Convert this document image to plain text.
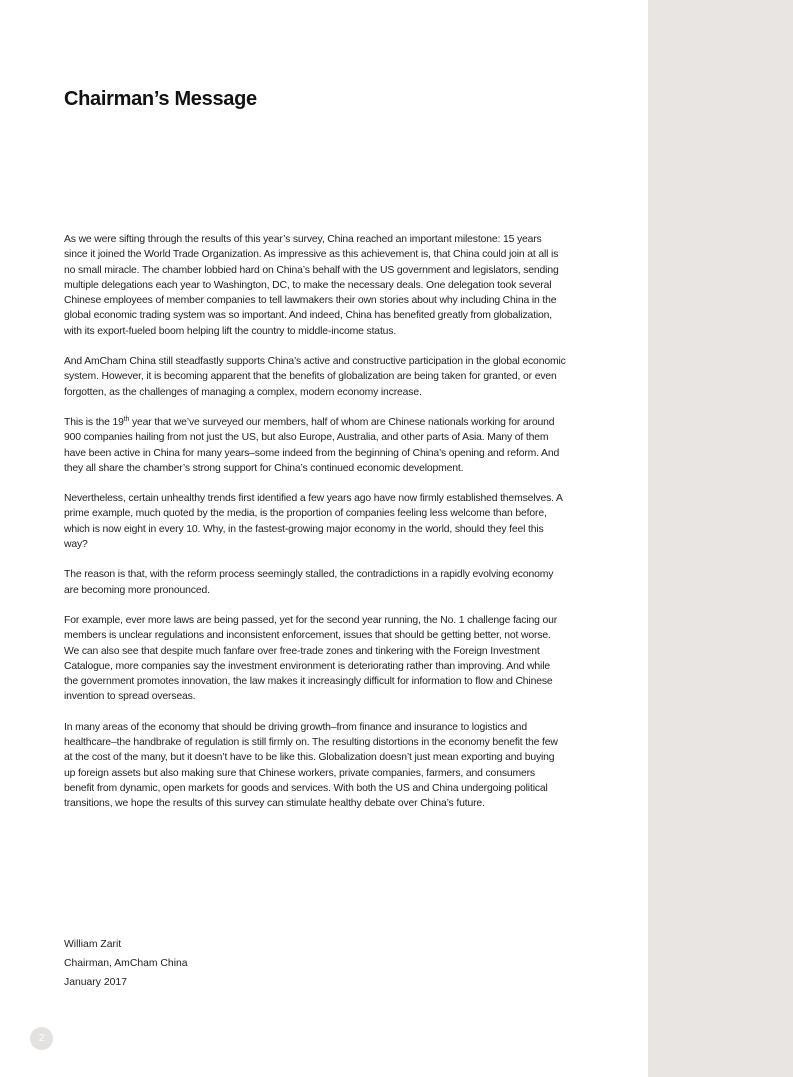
Chairman’s Message

As we were sifting through the results of this year’s survey, China reached an important milestone: 15 years since it joined the World Trade Organization. As impressive as this achievement is, that China could join at all is no small miracle. The chamber lobbied hard on China’s behalf with the US government and legislators, sending multiple delegations each year to Washington, DC, to make the necessary deals. One delegation took several Chinese employees of member companies to tell lawmakers their own stories about why including China in the global economic trading system was so important. And indeed, China has benefited greatly from globalization, with its export-fueled boom helping lift the country to middle-income status.

And AmCham China still steadfastly supports China’s active and constructive participation in the global economic system. However, it is becoming apparent that the benefits of globalization are being taken for granted, or even forgotten, as the challenges of managing a complex, modern economy increase.

This is the 19th year that we’ve surveyed our members, half of whom are Chinese nationals working for around 900 companies hailing from not just the US, but also Europe, Australia, and other parts of Asia. Many of them have been active in China for many years–some indeed from the beginning of China’s opening and reform. And they all share the chamber’s strong support for China’s continued economic development.

Nevertheless, certain unhealthy trends first identified a few years ago have now firmly established themselves. A prime example, much quoted by the media, is the proportion of companies feeling less welcome than before, which is now eight in every 10. Why, in the fastest-growing major economy in the world, should they feel this way?

The reason is that, with the reform process seemingly stalled, the contradictions in a rapidly evolving economy are becoming more pronounced.

For example, ever more laws are being passed, yet for the second year running, the No. 1 challenge facing our members is unclear regulations and inconsistent enforcement, issues that should be getting better, not worse. We can also see that despite much fanfare over free-trade zones and tinkering with the Foreign Investment Catalogue, more companies say the investment environment is deteriorating rather than improving. And while the government promotes innovation, the law makes it increasingly difficult for information to flow and Chinese invention to spread overseas.

In many areas of the economy that should be driving growth–from finance and insurance to logistics and healthcare–the handbrake of regulation is still firmly on. The resulting distortions in the economy benefit the few at the cost of the many, but it doesn’t have to be like this. Globalization doesn’t just mean exporting and buying up foreign assets but also making sure that Chinese workers, private companies, farmers, and consumers benefit from dynamic, open markets for goods and services. With both the US and China undergoing political transitions, we hope the results of this survey can stimulate healthy debate over China’s future.

William Zarit
Chairman, AmCham China
January 2017
2
